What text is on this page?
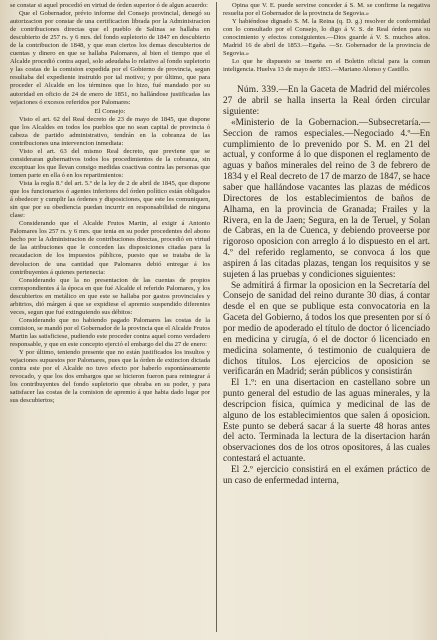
se constar si aquel procedió en virtud de órden superior ó de algun acuerdo:

Que el Gobernador, prévio informe del Consejo provincial, denegó su autorizacion por constar de una certificacion librada por la Administracion de contribuciones directas que el pueblo de Salinas se hallaba en descubierto de 257 rs. y 6 mrs. del fondo supletorio de 1847 en descubierto de la contribucion de 1848, y que eran ciertos los demas descubiertos de cuentas y dinero en que se hallaba Palomares, al bien el tiempo que el Alcalde procedió contra aquel, solo adeudaba lo relativo al fondo supletorio y las costas de la comision expedida por el Gobierno de provincia, segun resultaba del expediente instruido por tal motivo; y por último, que para proceder el Alcalde en los términos que lo hizo, fué mandado por su autoridad en oficio de 24 de enero de 1851, no hallándose justificadas las vejaciones ó excesos referidos por Palomares:

El Consejo:

Visto el art. 62 del Real decreto de 23 de mayo de 1845, que dispone que los Alcaldes en todos los pueblos que no sean capital de provincia ó cabeza de partido administrativo, tendrán en la cobranza de las contribuciones una intervencion inmediata:

Visto el art. 63 del mismo Real decreto, que previene que se consideraran gubernativos todos los procedimientos de la cobranza, sin exceptuar los que llevan consigo medidas coactivas contra las personas que tomen parte en ella ó en los repartimientos:

Vista la regla 8.ª del art. 5.º de la ley de 2 de abril de 1845, que dispone que los funcionarios ó agentes inferiores del órden político están obligados á obedecer y cumplir las órdenes y disposiciones, que este les comuniquen, sin que por su obediencia puedan incurrir en responsabilidad de ninguna clase:

Considerando que el Alcalde Frutos Martin, al exigir á Antonio Palomares los 257 rs. y 6 mrs. que tenia en su poder procedentes del abono hecho por la Administracion de contribuciones directas, procedió en virtud de las atribuciones que le conceden las disposiciones citadas para la recaudacion de los impuestos públicos, puesto que se trataba de la devolucion de una cantidad que Palomares debió entregar á los contribuyentes á quienes pertenecia:

Considerando que la no presentacion de las cuentas de propios correspondientes á la época en que fué Alcalde el referido Palomares, y los descubiertos en metálico en que este se hallaba por gastos provinciales y arbitrios, dió márgen á que se expidiese el apremio suspendido diferentes veces, segun que fué extinguiendo sus débitos:

Considerando que no habiendo pagado Palomares las costas de la comision, se mandó por el Gobernador de la provincia que el Alcalde Frutos Martin las satisficiese, pudiendo este proceder contra aquel como verdadero responsable, y que en este concepto ejerció el embargo del dia 27 de enero:

Y por último, teniendo presente que no están justificados los insultos y vejaciones supuestos por Palomares, pues que la órden de extincion dictada contra este por el Alcalde no tuvo efecto por haberlo espontáneamente revocado, y que los dos embargos que se hicieron fueron para reintegrar á los contribuyentes del fondo supletorio que obraba en su poder, y para satisfacer las costas de la comision de apremio á que habia dado lugar por sus descubiertos;

Opina que V. E. puede servirse conceder á S. M. se confirme la negativa resuelta por el Gobernador de la provincia de Segovia.»

Y habiéndose dignado S. M. la Reina (q. D. g.) resolver de conformidad con lo consultado por el Consejo, lo digo á V. S. de Real órden para su conocimiento y efectos consiguientes.—Dios guarde á V. S. muchos años. Madrid 16 de abril de 1853.—Egaña. —Sr. Gobernador de la provincia de Segovia.»

Lo que he dispuesto se inserte en el Boletin oficial para la comun inteligencia. Huelva 13 de mayo de 1853.—Mariano Alonso y Castillo.

Núm. 339.—En la Gaceta de Madrid del miércoles 27 de abril se halla inserta la Real órden circular siguiente:

«Ministerio de la Gobernacion.—Subsecretaría.—Seccion de ramos especiales.—Negociado 4.º—En cumplimiento de lo prevenido por S. M. en 21 del actual, y conforme á lo que disponen el reglamento de aguas y baños minerales del reino de 3 de febrero de 1834 y el Real decreto de 17 de marzo de 1847, se hace saber que hallándose vacantes las plazas de médicos Directores de los establecimientos de baños de Alhama, en la provincia de Granada; Frailes y la Rivera, en la de Jaen; Segura, en la de Teruel, y Solan de Cabras, en la de Cuenca, y debiendo proveerse por rigoroso oposicion con arreglo á lo dispuesto en el art. 4.º del referido reglamento, se convoca á los que aspiren á las citadas plazas, tengan los requisitos y se sujeten á las pruebas y condiciones siguientes:

Se admitirá á firmar la oposicion en la Secretaría del Consejo de sanidad del reino durante 30 dias, á contar desde el en que se publique esta convocatoria en la Gaceta del Gobierno, á todos los que presenten por sí ó por medio de apoderado el título de doctor ó licenciado en medicina y cirugía, ó el de doctor ó licenciado en medicina solamente, ó testimonio de cualquiera de dichos títulos. Los ejercicios de oposicion se verificarán en Madrid; serán públicos y consistirán

El 1.º: en una disertacion en castellano sobre un punto general del estudio de las aguas minerales, y la descripcion física, química y medicinal de las de alguno de los establecimientos que salen á oposicion. Este punto se deberá sacar á la suerte 48 horas antes del acto. Terminada la lectura de la disertacion harán observaciones dos de los otros opositores, á las cuales contestará el actuante.

El 2.º ejercicio consistirá en el exámen práctico de un caso de enfermedad interna,
